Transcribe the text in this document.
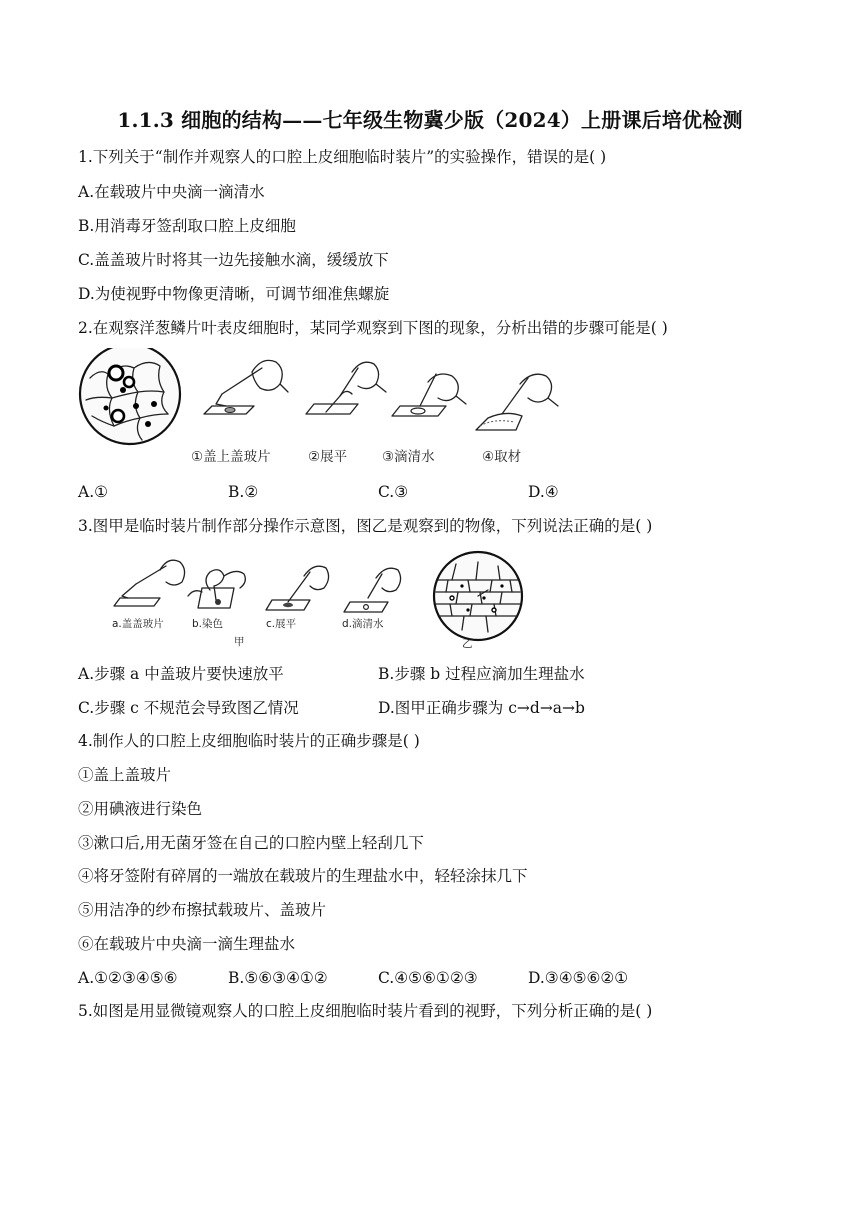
1.1.3 细胞的结构——七年级生物冀少版（2024）上册课后培优检测
1.下列关于“制作并观察人的口腔上皮细胞临时装片”的实验操作，错误的是( )
A.在载玻片中央滴一滴清水
B.用消毒牙签刮取口腔上皮细胞
C.盖盖玻片时将其一边先接触水滴，缓缓放下
D.为使视野中物像更清晰，可调节细准焦螺旋
2.在观察洋葱鳞片叶表皮细胞时，某同学观察到下图的现象，分析出错的步骤可能是( )
①盖上盖玻片	②展平	③滴清水	④取材
A.①	B.②	C.③	D.④
3.图甲是临时装片制作部分操作示意图，图乙是观察到的物像，下列说法正确的是( )
a.盖盖玻片	b.染色	c.展平	d.滴清水
甲	乙
A.步骤 a 中盖玻片要快速放平	B.步骤 b 过程应滴加生理盐水
C.步骤 c 不规范会导致图乙情况	D.图甲正确步骤为 c→d→a→b
4.制作人的口腔上皮细胞临时装片的正确步骤是( )
①盖上盖玻片
②用碘液进行染色
③漱口后,用无菌牙签在自己的口腔内壁上轻刮几下
④将牙签附有碎屑的一端放在载玻片的生理盐水中，轻轻涂抹几下
⑤用洁净的纱布擦拭载玻片、盖玻片
⑥在载玻片中央滴一滴生理盐水
A.①②③④⑤⑥	B.⑤⑥③④①②	C.④⑤⑥①②③	D.③④⑤⑥②①
5.如图是用显微镜观察人的口腔上皮细胞临时装片看到的视野，下列分析正确的是( )
